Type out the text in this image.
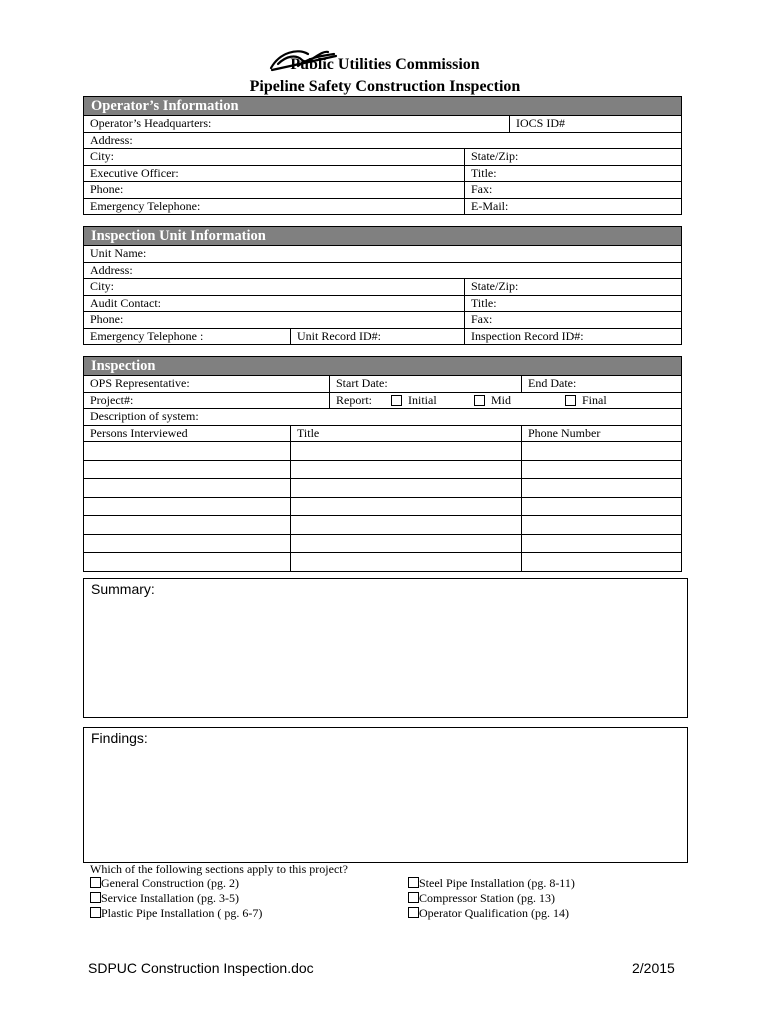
Public Utilities Commission
Pipeline Safety Construction Inspection
Operator’s Information
Operator’s Headquarters:	IOCS ID#
Address:
City:	State/Zip:
Executive Officer:	Title:
Phone:	Fax:
Emergency Telephone:	E-Mail:
Inspection Unit Information
Unit Name:
Address:
City:	State/Zip:
Audit Contact:	Title:
Phone:	Fax:
Emergency Telephone :	Unit Record ID#:	Inspection Record ID#:
Inspection
OPS Representative:	Start Date:	End Date:
Project#:	Report:	Initial	Mid	Final
Description of system:
Persons Interviewed	Title	Phone Number
Summary:
Findings:
Which of the following sections apply to this project?
General Construction (pg. 2)
Service Installation (pg. 3-5)
Plastic Pipe Installation ( pg. 6-7)
Steel Pipe Installation (pg. 8-11)
Compressor Station (pg. 13)
Operator Qualification (pg. 14)
SDPUC Construction Inspection.doc	2/2015
